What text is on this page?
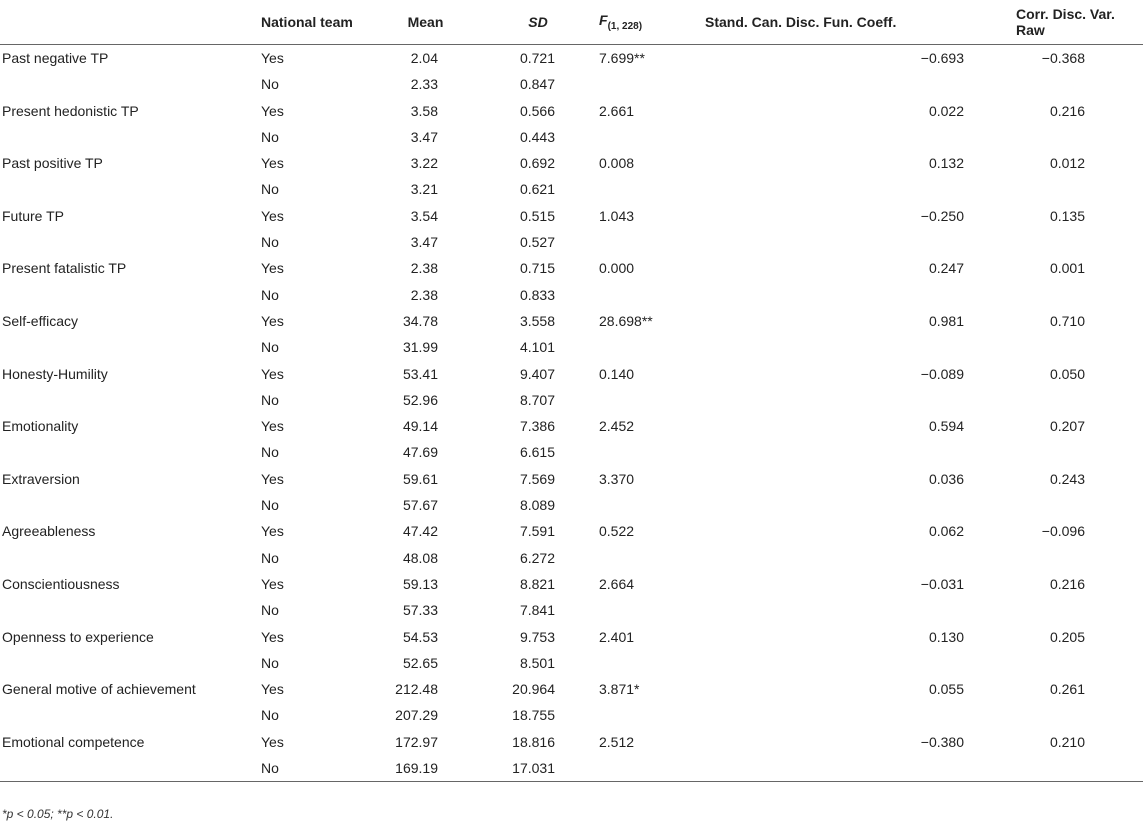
	National team	Mean	SD	$F_{(1, 228)}$	Stand. Can. Disc. Fun. Coeff.	Corr. Disc. Var. Raw
Past negative TP	Yes	2.04	0.721	7.699**	−0.693	−0.368
	No	2.33	0.847			
Present hedonistic TP	Yes	3.58	0.566	2.661	0.022	0.216
	No	3.47	0.443			
Past positive TP	Yes	3.22	0.692	0.008	0.132	0.012
	No	3.21	0.621			
Future TP	Yes	3.54	0.515	1.043	−0.250	0.135
	No	3.47	0.527			
Present fatalistic TP	Yes	2.38	0.715	0.000	0.247	0.001
	No	2.38	0.833			
Self-efficacy	Yes	34.78	3.558	28.698**	0.981	0.710
	No	31.99	4.101			
Honesty-Humility	Yes	53.41	9.407	0.140	−0.089	0.050
	No	52.96	8.707			
Emotionality	Yes	49.14	7.386	2.452	0.594	0.207
	No	47.69	6.615			
Extraversion	Yes	59.61	7.569	3.370	0.036	0.243
	No	57.67	8.089			
Agreeableness	Yes	47.42	7.591	0.522	0.062	−0.096
	No	48.08	6.272			
Conscientiousness	Yes	59.13	8.821	2.664	−0.031	0.216
	No	57.33	7.841			
Openness to experience	Yes	54.53	9.753	2.401	0.130	0.205
	No	52.65	8.501			
General motive of achievement	Yes	212.48	20.964	3.871*	0.055	0.261
	No	207.29	18.755			
Emotional competence	Yes	172.97	18.816	2.512	−0.380	0.210
	No	169.19	17.031			
*p < 0.05; **p < 0.01.
